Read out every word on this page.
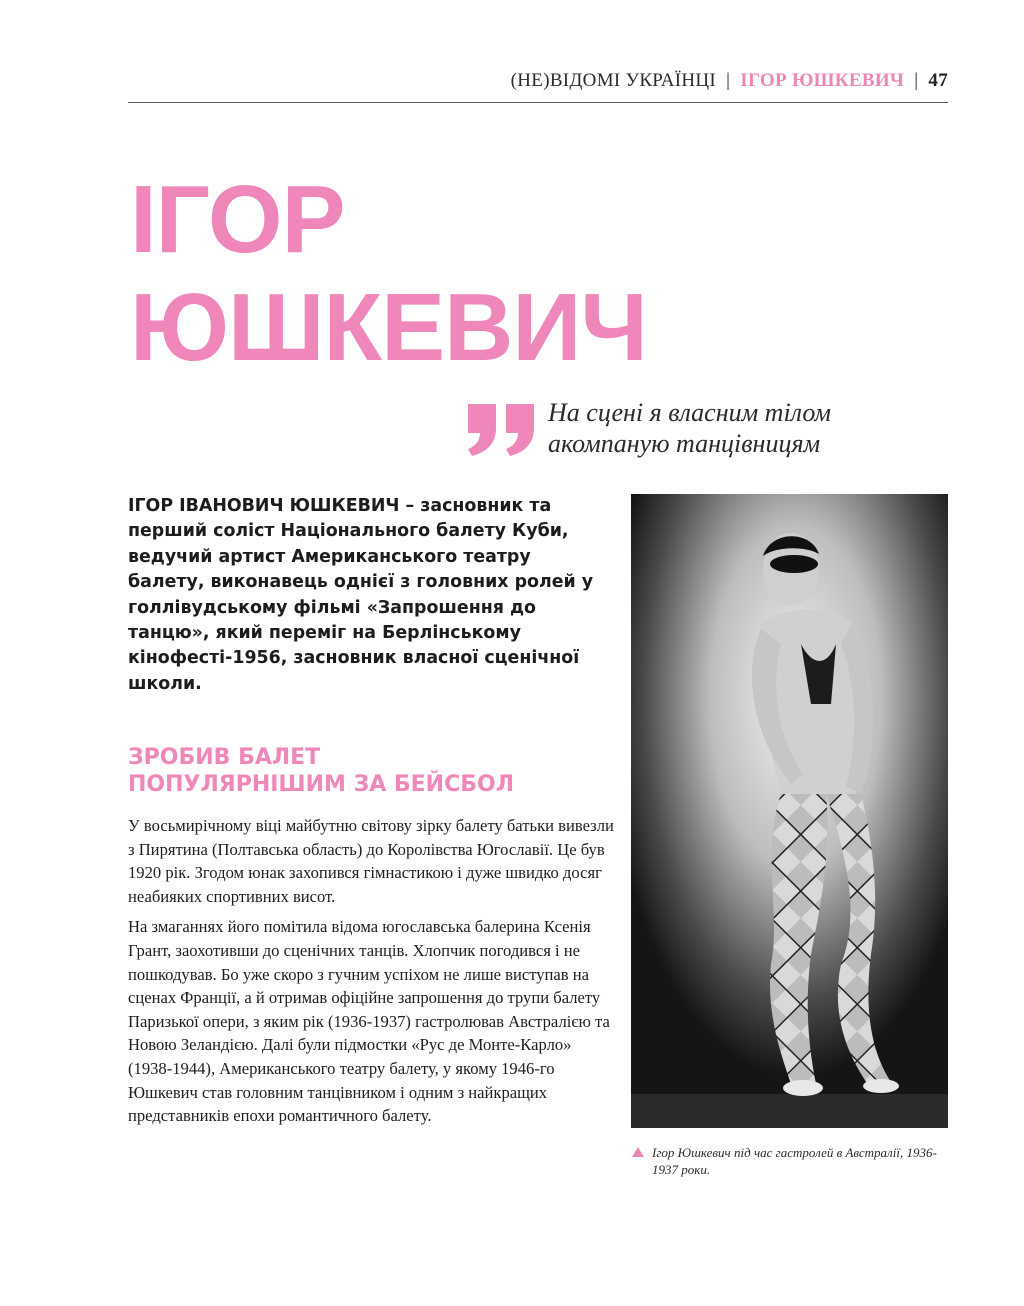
(НЕ)ВІДОМІ УКРАЇНЦІ | ІГОР ЮШКЕВИЧ | 47
ІГОР
ЮШКЕВИЧ
На сцені я власним тілом
акомпаную танцівницям

ІГОР ІВАНОВИЧ ЮШКЕВИЧ – засновник та перший соліст Національного балету Куби, ведучий артист Американського театру балету, виконавець однієї з головних ролей у голлівудському фільмі «Запрошення до танцю», який переміг на Берлінському кінофесті-1956, засновник власної сценічної школи.

ЗРОБИВ БАЛЕТ
ПОПУЛЯРНІШИМ ЗА БЕЙСБОЛ

У восьмирічному віці майбутню світову зірку балету батьки вивезли з Пирятина (Полтавська область) до Королівства Югославії. Це був 1920 рік. Згодом юнак захопився гімнастикою і дуже швидко досяг неабияких спортивних висот.

На змаганнях його помітила відома югославська балерина Ксенія Грант, заохотивши до сценічних танців. Хлопчик погодився і не пошкодував. Бо уже скоро з гучним успіхом не лише виступав на сценах Франції, а й отримав офіційне запрошення до трупи балету Паризької опери, з яким рік (1936-1937) гастролював Австралією та Новою Зеландією. Далі були підмостки «Рус де Монте-Карло» (1938-1944), Американського театру балету, у якому 1946-го Юшкевич став головним танцівником і одним з найкращих представників епохи романтичного балету.

Ігор Юшкевич під час гастролей в Австралії, 1936-1937 роки.
